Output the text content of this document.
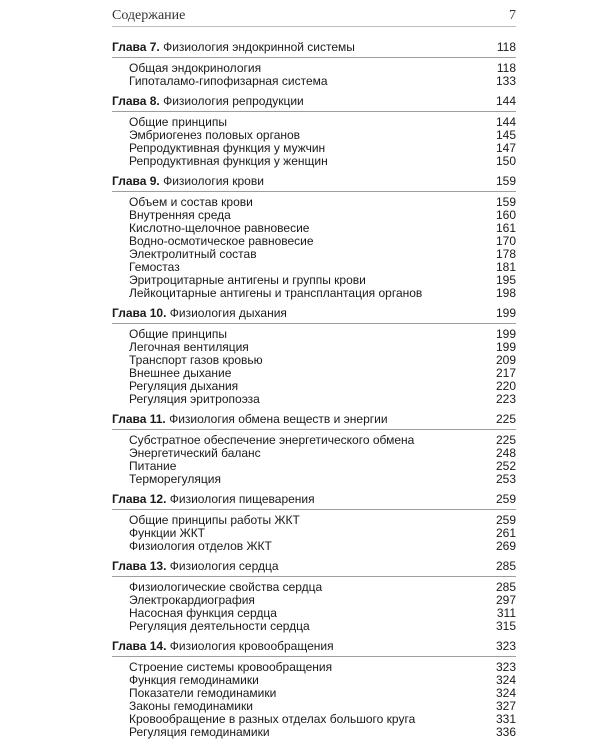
Содержание	7
Глава 7. Физиология эндокринной системы	118
Общая эндокринология	118
Гипоталамо-гипофизарная система	133
Глава 8. Физиология репродукции	144
Общие принципы	144
Эмбриогенез половых органов	145
Репродуктивная функция у мужчин	147
Репродуктивная функция у женщин	150
Глава 9. Физиология крови	159
Объем и состав крови	159
Внутренняя среда	160
Кислотно-щелочное равновесие	161
Водно-осмотическое равновесие	170
Электролитный состав	178
Гемостаз	181
Эритроцитарные антигены и группы крови	195
Лейкоцитарные антигены и трансплантация органов	198
Глава 10. Физиология дыхания	199
Общие принципы	199
Легочная вентиляция	199
Транспорт газов кровью	209
Внешнее дыхание	217
Регуляция дыхания	220
Регуляция эритропоэза	223
Глава 11. Физиология обмена веществ и энергии	225
Субстратное обеспечение энергетического обмена	225
Энергетический баланс	248
Питание	252
Терморегуляция	253
Глава 12. Физиология пищеварения	259
Общие принципы работы ЖКТ	259
Функции ЖКТ	261
Физиология отделов ЖКТ	269
Глава 13. Физиология сердца	285
Физиологические свойства сердца	285
Электрокардиография	297
Насосная функция сердца	311
Регуляция деятельности сердца	315
Глава 14. Физиология кровообращения	323
Строение системы кровообращения	323
Функция гемодинамики	324
Показатели гемодинамики	324
Законы гемодинамики	327
Кровообращение в разных отделах большого круга	331
Регуляция гемодинамики	336
